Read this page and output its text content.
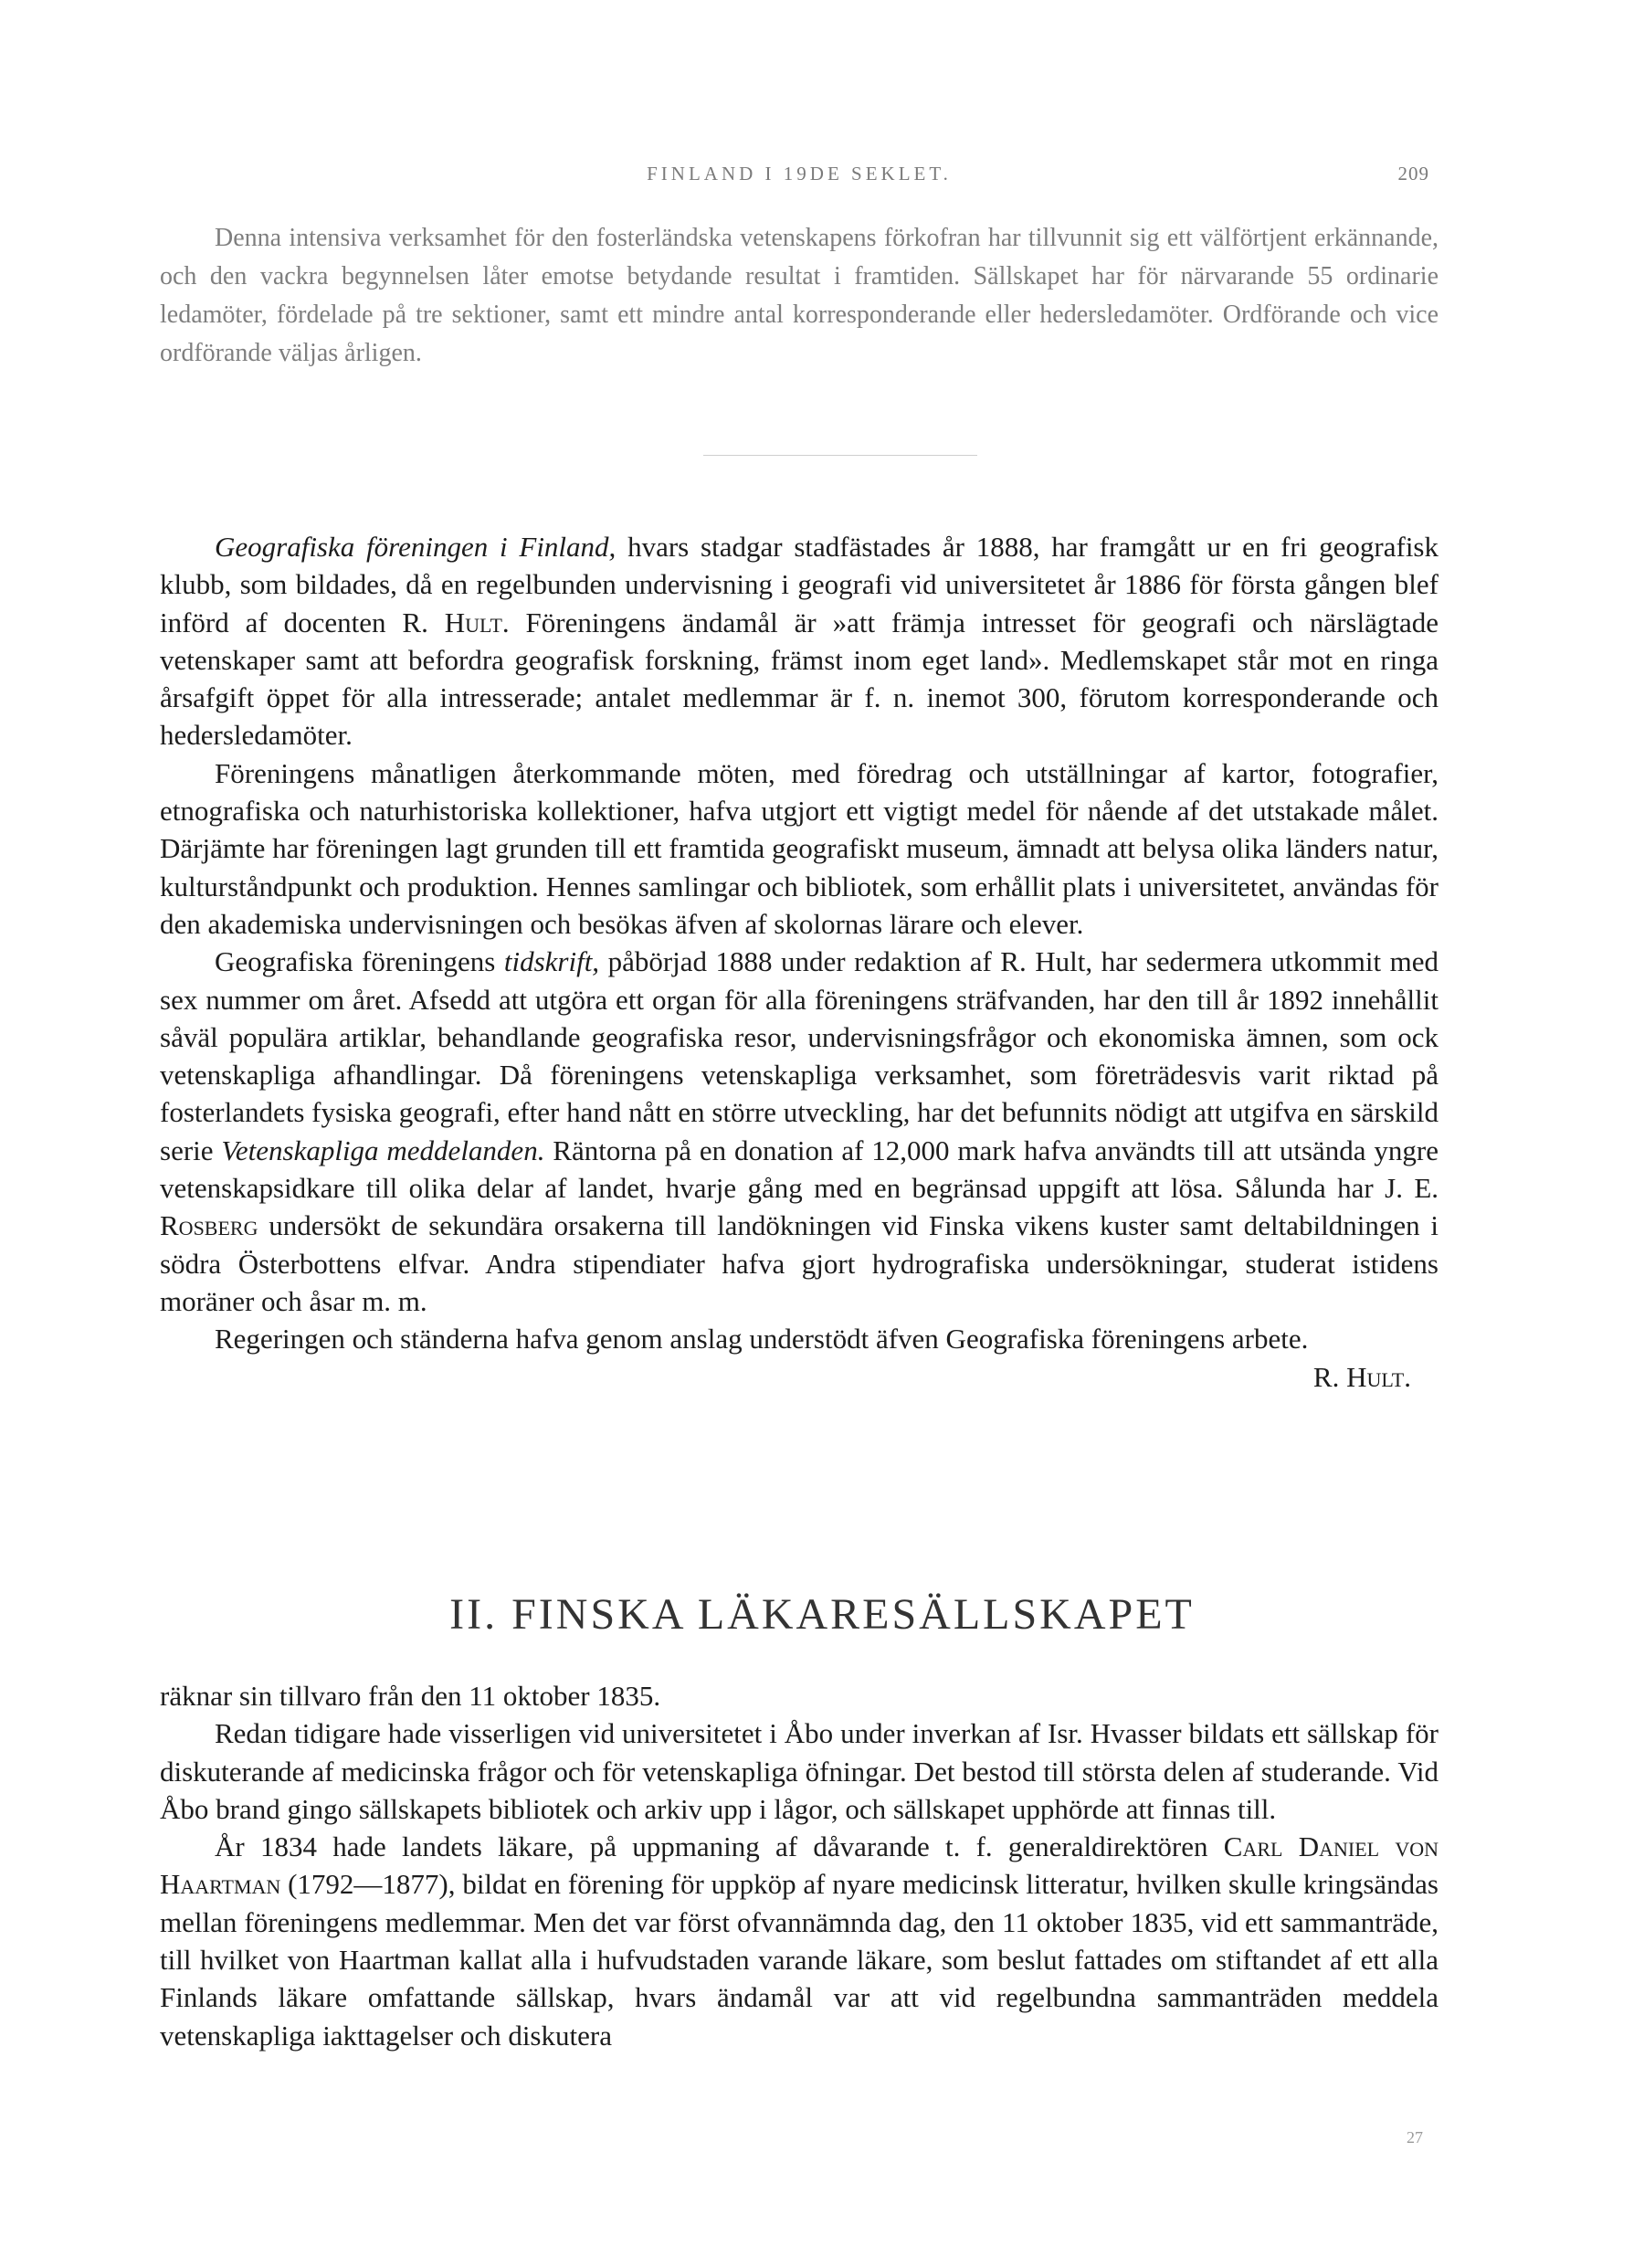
FINLAND I 19DE SEKLET.	209
Denna intensiva verksamhet för den fosterländska vetenskapens förkofran har tillvunnit sig ett välförtjent erkännande, och den vackra begynnelsen låter emotse betydande resultat i framtiden. Sällskapet har för närvarande 55 ordinarie ledamöter, fördelade på tre sektioner, samt ett mindre antal korresponderande eller hedersledamöter. Ordförande och vice ordförande väljas årligen.

Geografiska föreningen i Finland, hvars stadgar stadfästades år 1888, har framgått ur en fri geografisk klubb, som bildades, då en regelbunden undervisning i geografi vid universitetet år 1886 för första gången blef införd af docenten R. Hult. Föreningens ändamål är »att främja intresset för geografi och närslägtade vetenskaper samt att befordra geografisk forskning, främst inom eget land». Medlemskapet står mot en ringa årsafgift öppet för alla intresserade; antalet medlemmar är f. n. inemot 300, förutom korresponderande och hedersledamöter.

Föreningens månatligen återkommande möten, med föredrag och utställningar af kartor, fotografier, etnografiska och naturhistoriska kollektioner, hafva utgjort ett vigtigt medel för nående af det utstakade målet. Därjämte har föreningen lagt grunden till ett framtida geografiskt museum, ämnadt att belysa olika länders natur, kulturståndpunkt och produktion. Hennes samlingar och bibliotek, som erhållit plats i universitetet, användas för den akademiska undervisningen och besökas äfven af skolornas lärare och elever.

Geografiska föreningens tidskrift, påbörjad 1888 under redaktion af R. Hult, har sedermera utkommit med sex nummer om året. Afsedd att utgöra ett organ för alla föreningens sträfvanden, har den till år 1892 innehållit såväl populära artiklar, behandlande geografiska resor, undervisningsfrågor och ekonomiska ämnen, som ock vetenskapliga afhandlingar. Då föreningens vetenskapliga verksamhet, som företrädesvis varit riktad på fosterlandets fysiska geografi, efter hand nått en större utveckling, har det befunnits nödigt att utgifva en särskild serie Vetenskapliga meddelanden. Räntorna på en donation af 12,000 mark hafva användts till att utsända yngre vetenskapsidkare till olika delar af landet, hvarje gång med en begränsad uppgift att lösa. Sålunda har J. E. Rosberg undersökt de sekundära orsakerna till landökningen vid Finska vikens kuster samt deltabildningen i södra Österbottens elfvar. Andra stipendiater hafva gjort hydrografiska undersökningar, studerat istidens moräner och åsar m. m.

Regeringen och ständerna hafva genom anslag understödt äfven Geografiska föreningens arbete.

R. Hult.

II. FINSKA LÄKARESÄLLSKAPET

räknar sin tillvaro från den 11 oktober 1835.

Redan tidigare hade visserligen vid universitetet i Åbo under inverkan af Isr. Hvasser bildats ett sällskap för diskuterande af medicinska frågor och för vetenskapliga öfningar. Det bestod till största delen af studerande. Vid Åbo brand gingo sällskapets bibliotek och arkiv upp i lågor, och sällskapet upphörde att finnas till.

År 1834 hade landets läkare, på uppmaning af dåvarande t. f. generaldirektören Carl Daniel von Haartman (1792—1877), bildat en förening för uppköp af nyare medicinsk litteratur, hvilken skulle kringsändas mellan föreningens medlemmar. Men det var först ofvannämnda dag, den 11 oktober 1835, vid ett sammanträde, till hvilket von Haartman kallat alla i hufvudstaden varande läkare, som beslut fattades om stiftandet af ett alla Finlands läkare omfattande sällskap, hvars ändamål var att vid regelbundna sammanträden meddela vetenskapliga iakttagelser och diskutera

27
